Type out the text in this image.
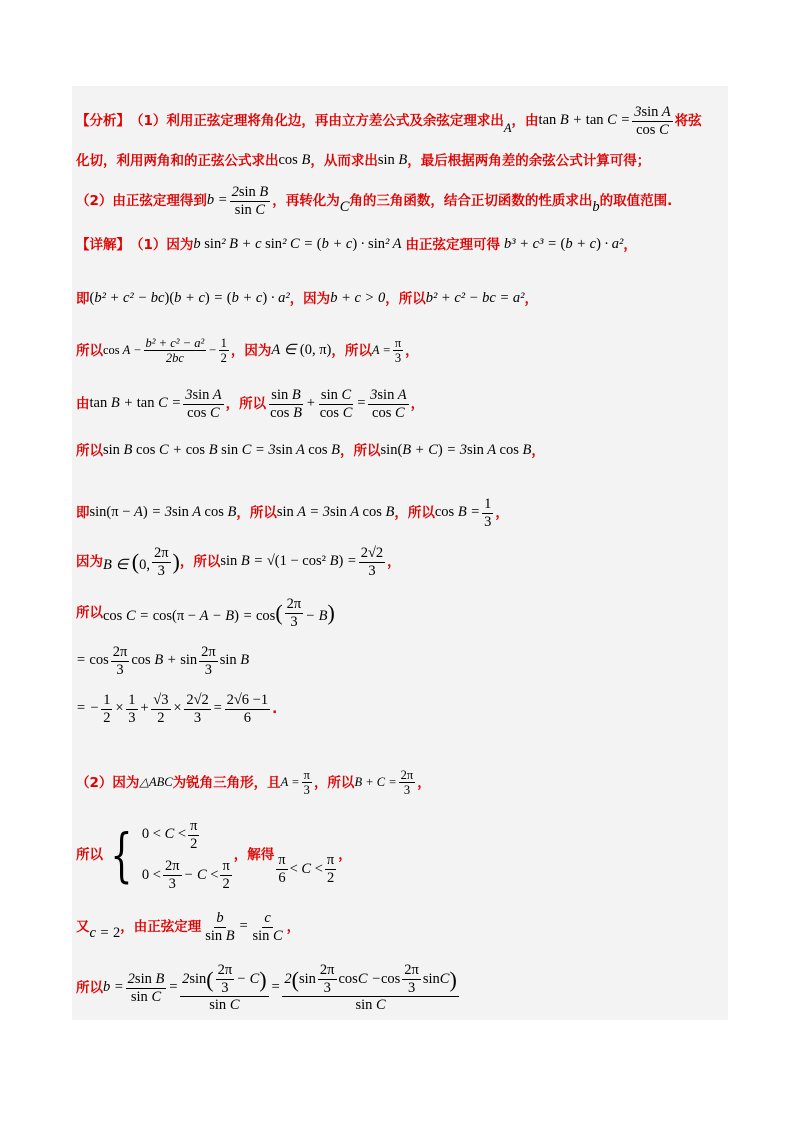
【分析】 （1）利用正弦定理将角化边，再由立方差公式及余弦定理求出 A ，由 $\tan B + \tan C = \frac{\text{3sin A}}{\text{cos C}}$ 将弦
化切，利用两角和的正弦公式求出 cos B ，从而求出 sin B ，最后根据两角差的余弦公式计算可得；
（2）由正弦定理得到 $b = \frac{\text{2sin B}}{\text{sin C}}$ ，再转化为 C 角的三角函数，结合正切函数的性质求出 b 的取值范围.
【详解】 （1）因为 b sin² B + c sin² C = (b + c) · sin² A 由正弦定理可得 b³ + c³ = (b + c) · a² ，
即 (b² + c² − bc)(b + c) = (b + c) · a² ，因为 b + c > 0 ，所以 b² + c² − bc = a² ，
所以 $\cos A - \frac{\text{b² + c² − a²}}{2bc} - \frac{1}{2}$ ，因为 A ∈ (0, π) ，所以 $A = \frac{\pi}{3}$ ，
由 $\tan B + \tan C = \frac{\text{3sin A}}{\text{cos C}}$ ，所以 $\frac{\text{sin B}}{\text{cos B}} + \frac{\text{sin C}}{\text{cos C}} = \frac{\text{3sin A}}{\text{cos C}}$ ，
所以 sin B cos C + cos B sin C = 3sin A cos B ，所以 sin(B + C) = 3sin A cos B ，
即 sin(π − A) = 3sin A cos B ，所以 sin A = 3sin A cos B ，所以 $\cos B = \frac{1}{3}$ ，
因为 B ∈ (0, $\frac{2\pi}{3}$ ) ，所以 sin B = √(1 − cos² $B) = \frac{2√2}{3}$ ，
所以 $\cos C = \cos(\pi - A - B) = \cos( \frac{2\pi}{3} - B)$
= $\cos \frac{2\pi}{3}$ $\cos B + \sin \frac{2\pi}{3}$ sin B
= − $\frac{1}{2} \times \frac{1}{3} + \frac{√3}{2} \times \frac{2√2}{3} = \frac{2√6 -1}{6}$ .
（2）因为 △ABC 为锐角三角形，且 $A = \frac{\pi}{3}$ ，所以 $B + C = \frac{2\pi}{3}$ ，
所以 { $0 < C < \frac{\pi}{2}$
$0 < \frac{2\pi}{3} - C < \frac{\pi}{2}$
，解得 $\frac{\pi}{6} < C < \frac{\pi}{2}$ ，
又 c = 2 ，由正弦定理 $\frac{b}{\text{sin B}} = \frac{c}{\text{sin C}}$ ，
所以 $b = \frac{\text{2sin B}}{\text{sin C}} = \frac{2 \sin ( \frac{2\pi}{3} - C )}{\text{sin C}} = \frac{2 ( \sin \frac{2\pi}{3} \cos C - \cos \frac{2\pi}{3} \sin C )}{\text{sin C}}$
